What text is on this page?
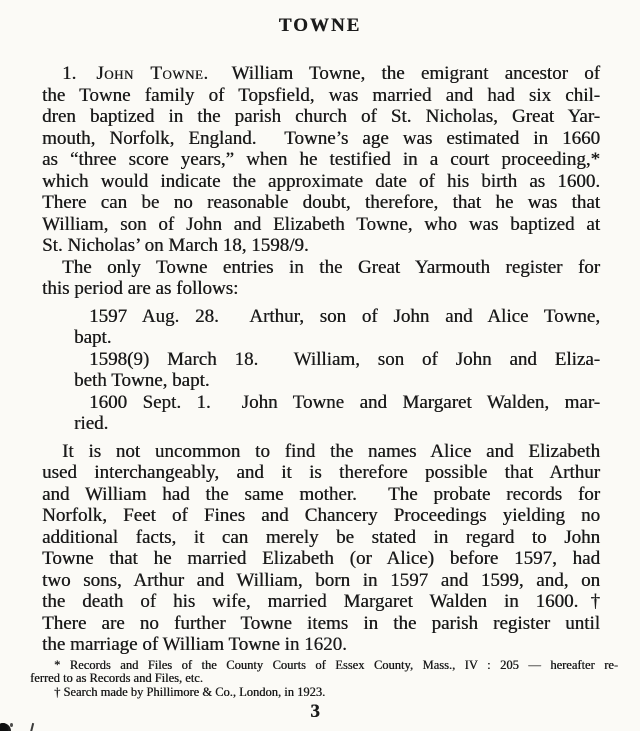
TOWNE
1. John Towne. William Towne, the emigrant ancestor of
the Towne family of Topsfield, was married and had six chil-
dren baptized in the parish church of St. Nicholas, Great Yar-
mouth, Norfolk, England.  Towne’s age was estimated in 1660
as “three score years,” when he testified in a court proceeding,*
which would indicate the approximate date of his birth as 1600.
There can be no reasonable doubt, therefore, that he was that
William, son of John and Elizabeth Towne, who was baptized at
St. Nicholas’ on March 18, 1598/9.
The only Towne entries in the Great Yarmouth register for
this period are as follows:
1597 Aug. 28.  Arthur, son of John and Alice Towne,
bapt.
1598(9) March 18.  William, son of John and Eliza-
beth Towne, bapt.
1600 Sept. 1.  John Towne and Margaret Walden, mar-
ried.
It is not uncommon to find the names Alice and Elizabeth
used interchangeably, and it is therefore possible that Arthur
and William had the same mother.  The probate records for
Norfolk, Feet of Fines and Chancery Proceedings yielding no
additional facts, it can merely be stated in regard to John
Towne that he married Elizabeth (or Alice) before 1597, had
two sons, Arthur and William, born in 1597 and 1599, and, on
the death of his wife, married Margaret Walden in 1600.†
There are no further Towne items in the parish register until
the marriage of William Towne in 1620.
* Records and Files of the County Courts of Essex County, Mass., IV : 205 — hereafter re-
ferred to as Records and Files, etc.
† Search made by Phillimore & Co., London, in 1923.
3
